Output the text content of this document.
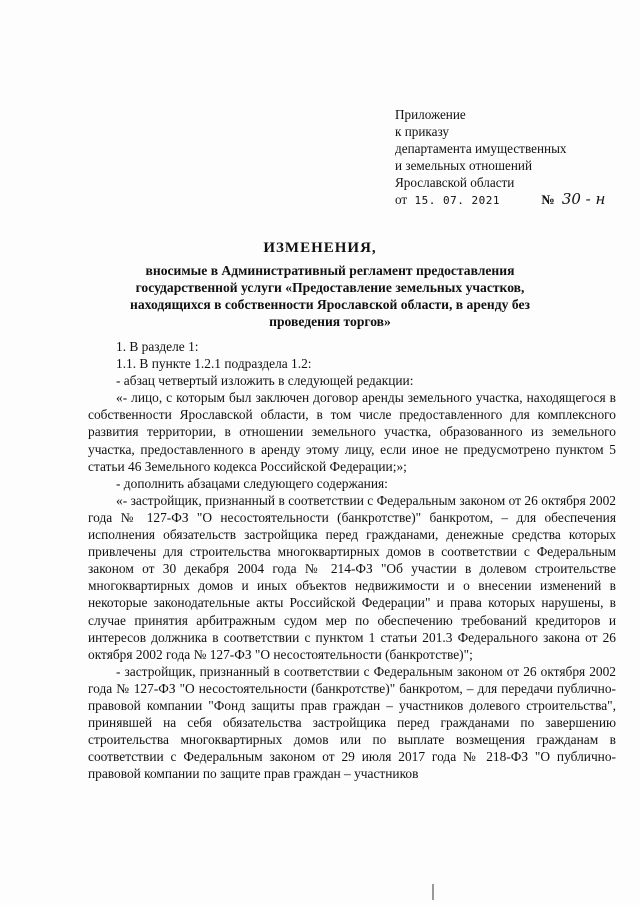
Приложение
к приказу
департамента имущественных
и земельных отношений
Ярославской области
от 15. 07. 2021	№ 30 - н
ИЗМЕНЕНИЯ,
вносимые в Административный регламент предоставления государственной услуги «Предоставление земельных участков, находящихся в собственности Ярославской области, в аренду без проведения торгов»

1. В разделе 1:

1.1. В пункте 1.2.1 подраздела 1.2:

- абзац четвертый изложить в следующей редакции:

«- лицо, с которым был заключен договор аренды земельного участка, находящегося в собственности Ярославской области, в том числе предоставленного для комплексного развития территории, в отношении земельного участка, образованного из земельного участка, предоставленного в аренду этому лицу, если иное не предусмотрено пунктом 5 статьи 46 Земельного кодекса Российской Федерации;»;

- дополнить абзацами следующего содержания:

«- застройщик, признанный в соответствии с Федеральным законом от 26 октября 2002 года № 127-ФЗ "О несостоятельности (банкротстве)" банкротом, – для обеспечения исполнения обязательств застройщика перед гражданами, денежные средства которых привлечены для строительства многоквартирных домов в соответствии с Федеральным законом от 30 декабря 2004 года № 214-ФЗ "Об участии в долевом строительстве многоквартирных домов и иных объектов недвижимости и о внесении изменений в некоторые законодательные акты Российской Федерации" и права которых нарушены, в случае принятия арбитражным судом мер по обеспечению требований кредиторов и интересов должника в соответствии с пунктом 1 статьи 201.3 Федерального закона от 26 октября 2002 года № 127-ФЗ "О несостоятельности (банкротстве)";

- застройщик, признанный в соответствии с Федеральным законом от 26 октября 2002 года № 127-ФЗ "О несостоятельности (банкротстве)" банкротом, – для передачи публично-правовой компании "Фонд защиты прав граждан – участников долевого строительства", принявшей на себя обязательства застройщика перед гражданами по завершению строительства многоквартирных домов или по выплате возмещения гражданам в соответствии с Федеральным законом от 29 июля 2017 года № 218-ФЗ "О публично-правовой компании по защите прав граждан – участников
